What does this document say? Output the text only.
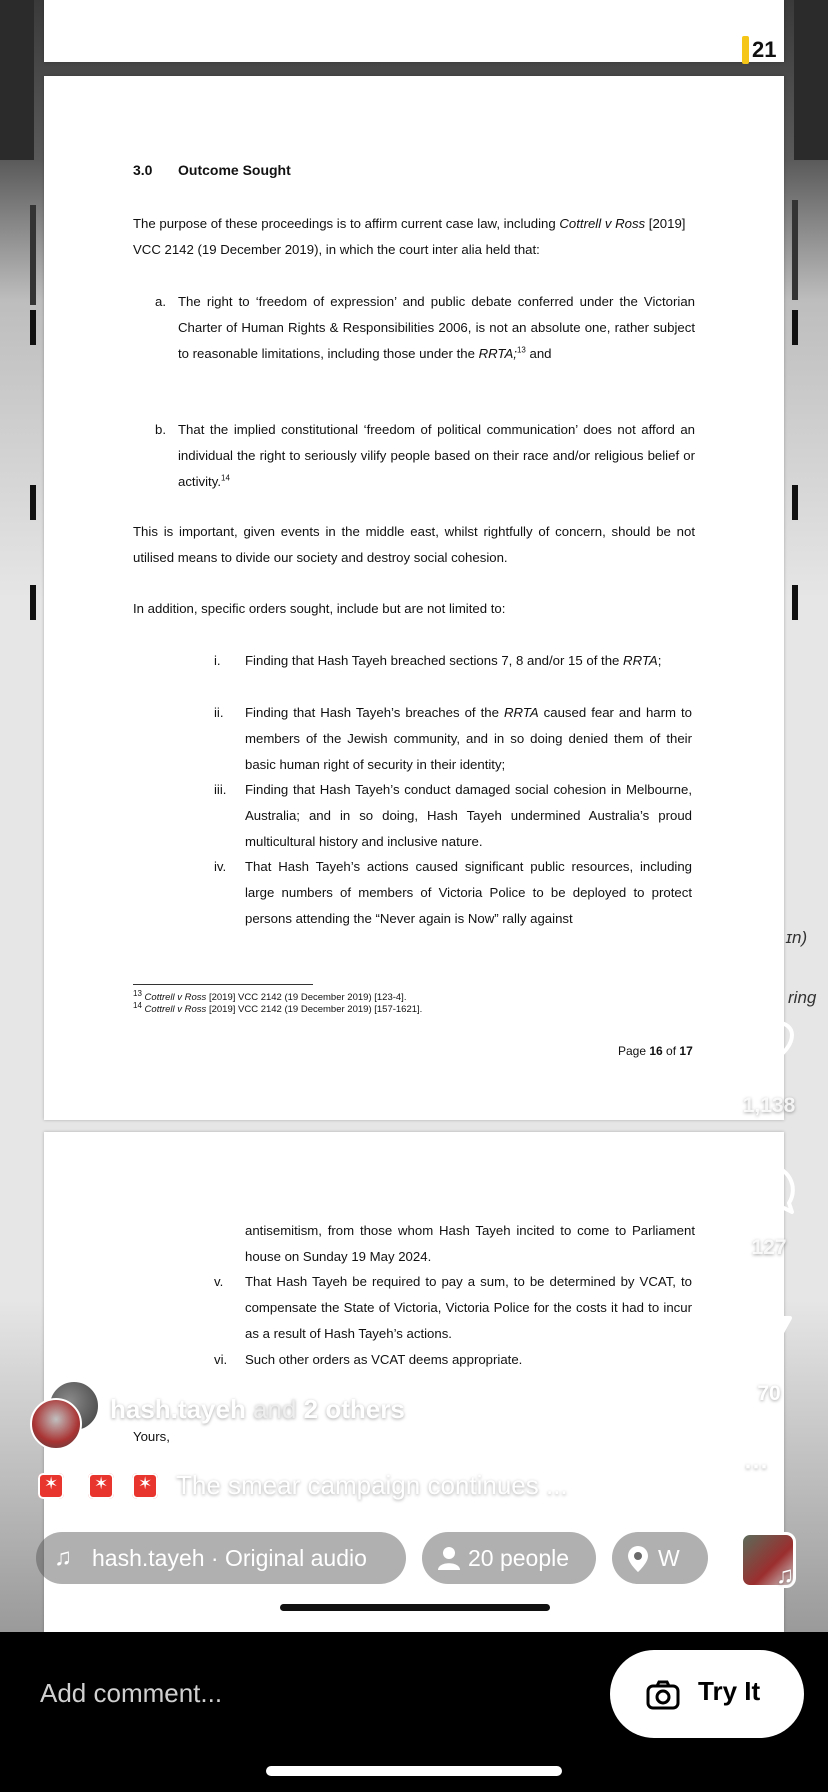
21
3.0 Outcome Sought
The purpose of these proceedings is to affirm current case law, including Cottrell v Ross [2019] VCC 2142 (19 December 2019), in which the court inter alia held that:
a. The right to ‘freedom of expression’ and public debate conferred under the Victorian Charter of Human Rights & Responsibilities 2006, is not an absolute one, rather subject to reasonable limitations, including those under the RRTA;$^{13}$ and
b. That the implied constitutional ‘freedom of political communication’ does not afford an individual the right to seriously vilify people based on their race and/or religious belief or activity.$^{14}$
This is important, given events in the middle east, whilst rightfully of concern, should be not utilised means to divide our society and destroy social cohesion.
In addition, specific orders sought, include but are not limited to:
i. Finding that Hash Tayeh breached sections 7, 8 and/or 15 of the RRTA;
ii. Finding that Hash Tayeh’s breaches of the RRTA caused fear and harm to members of the Jewish community, and in so doing denied them of their basic human right of security in their identity;
iii. Finding that Hash Tayeh’s conduct damaged social cohesion in Melbourne, Australia; and in so doing, Hash Tayeh undermined Australia’s proud multicultural history and inclusive nature.
iv. That Hash Tayeh’s actions caused significant public resources, including large numbers of members of Victoria Police to be deployed to protect persons attending the “Never again is Now” rally against
$^{13}$ Cottrell v Ross [2019] VCC 2142 (19 December 2019) [123-4].
$^{14}$ Cottrell v Ross [2019] VCC 2142 (19 December 2019) [157-1621].
Page 16 of 17
antisemitism, from those whom Hash Tayeh incited to come to Parliament house on Sunday 19 May 2024.
v. That Hash Tayeh be required to pay a sum, to be determined by VCAT, to compensate the State of Victoria, Victoria Police for the costs it had to incur as a result of Hash Tayeh’s actions.
vi. Such other orders as VCAT deems appropriate.
Yours,
ɪn)
ring
1,138
127
70
⋯
♫
hash.tayeh and 2 others
✶
✶
✶
The smear campaign continues ...
♫ hash.tayeh · Original audio	20 people	W
Add comment...	Try It
